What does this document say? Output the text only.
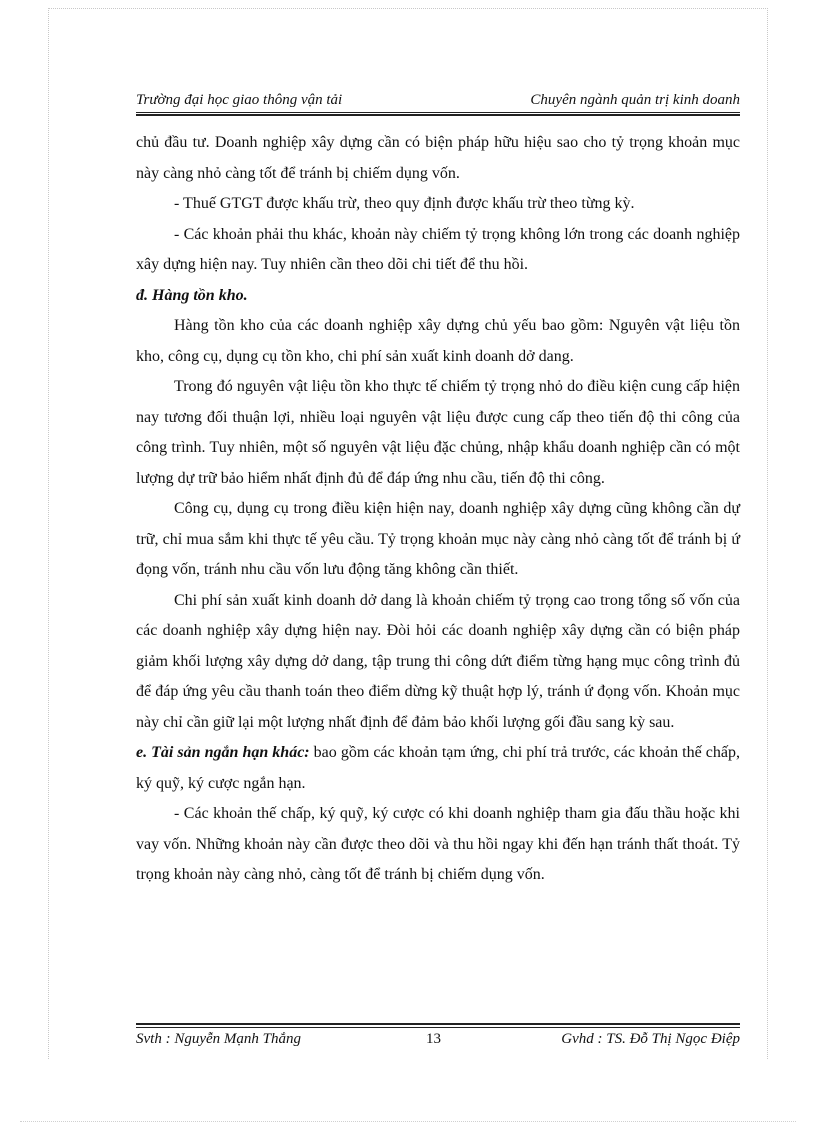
Trường đại học giao thông vận tải	Chuyên ngành quản trị kinh doanh

chủ đầu tư. Doanh nghiệp xây dựng cần có biện pháp hữu hiệu sao cho tỷ trọng khoản mục này càng nhỏ càng tốt để tránh bị chiếm dụng vốn.

- Thuế GTGT được khấu trừ, theo quy định được khấu trừ theo từng kỳ.

- Các khoản phải thu khác, khoản này chiếm tỷ trọng không lớn trong các doanh nghiệp xây dựng hiện nay. Tuy nhiên cần theo dõi chi tiết để thu hồi.

đ. Hàng tồn kho.

Hàng tồn kho của các doanh nghiệp xây dựng chủ yếu bao gồm: Nguyên vật liệu tồn kho, công cụ, dụng cụ tồn kho, chi phí sản xuất kinh doanh dở dang.

Trong đó nguyên vật liệu tồn kho thực tế chiếm tỷ trọng nhỏ do điều kiện cung cấp hiện nay tương đối thuận lợi, nhiều loại nguyên vật liệu được cung cấp theo tiến độ thi công của công trình. Tuy nhiên, một số nguyên vật liệu đặc chủng, nhập khẩu doanh nghiệp cần có một lượng dự trữ bảo hiểm nhất định đủ để đáp ứng nhu cầu, tiến độ thi công.

Công cụ, dụng cụ trong điều kiện hiện nay, doanh nghiệp xây dựng cũng không cần dự trữ, chỉ mua sắm khi thực tế yêu cầu. Tỷ trọng khoản mục này càng nhỏ càng tốt để tránh bị ứ đọng vốn, tránh nhu cầu vốn lưu động tăng không cần thiết.

Chi phí sản xuất kinh doanh dở dang là khoản chiếm tỷ trọng cao trong tổng số vốn của các doanh nghiệp xây dựng hiện nay. Đòi hỏi các doanh nghiệp xây dựng cần có biện pháp giảm khối lượng xây dựng dở dang, tập trung thi công dứt điểm từng hạng mục công trình đủ để đáp ứng yêu cầu thanh toán theo điểm dừng kỹ thuật hợp lý, tránh ứ đọng vốn. Khoản mục này chỉ cần giữ lại một lượng nhất định để đảm bảo khối lượng gối đầu sang kỳ sau.

e. Tài sản ngắn hạn khác: bao gồm các khoản tạm ứng, chi phí trả trước, các khoản thế chấp, ký quỹ, ký cược ngắn hạn.

- Các khoản thế chấp, ký quỹ, ký cược có khi doanh nghiệp tham gia đấu thầu hoặc khi vay vốn. Những khoản này cần được theo dõi và thu hồi ngay khi đến hạn tránh thất thoát. Tỷ trọng khoản này càng nhỏ, càng tốt để tránh bị chiếm dụng vốn.

Svth : Nguyễn Mạnh Thắng	13	Gvhd : TS. Đỗ Thị Ngọc Điệp
